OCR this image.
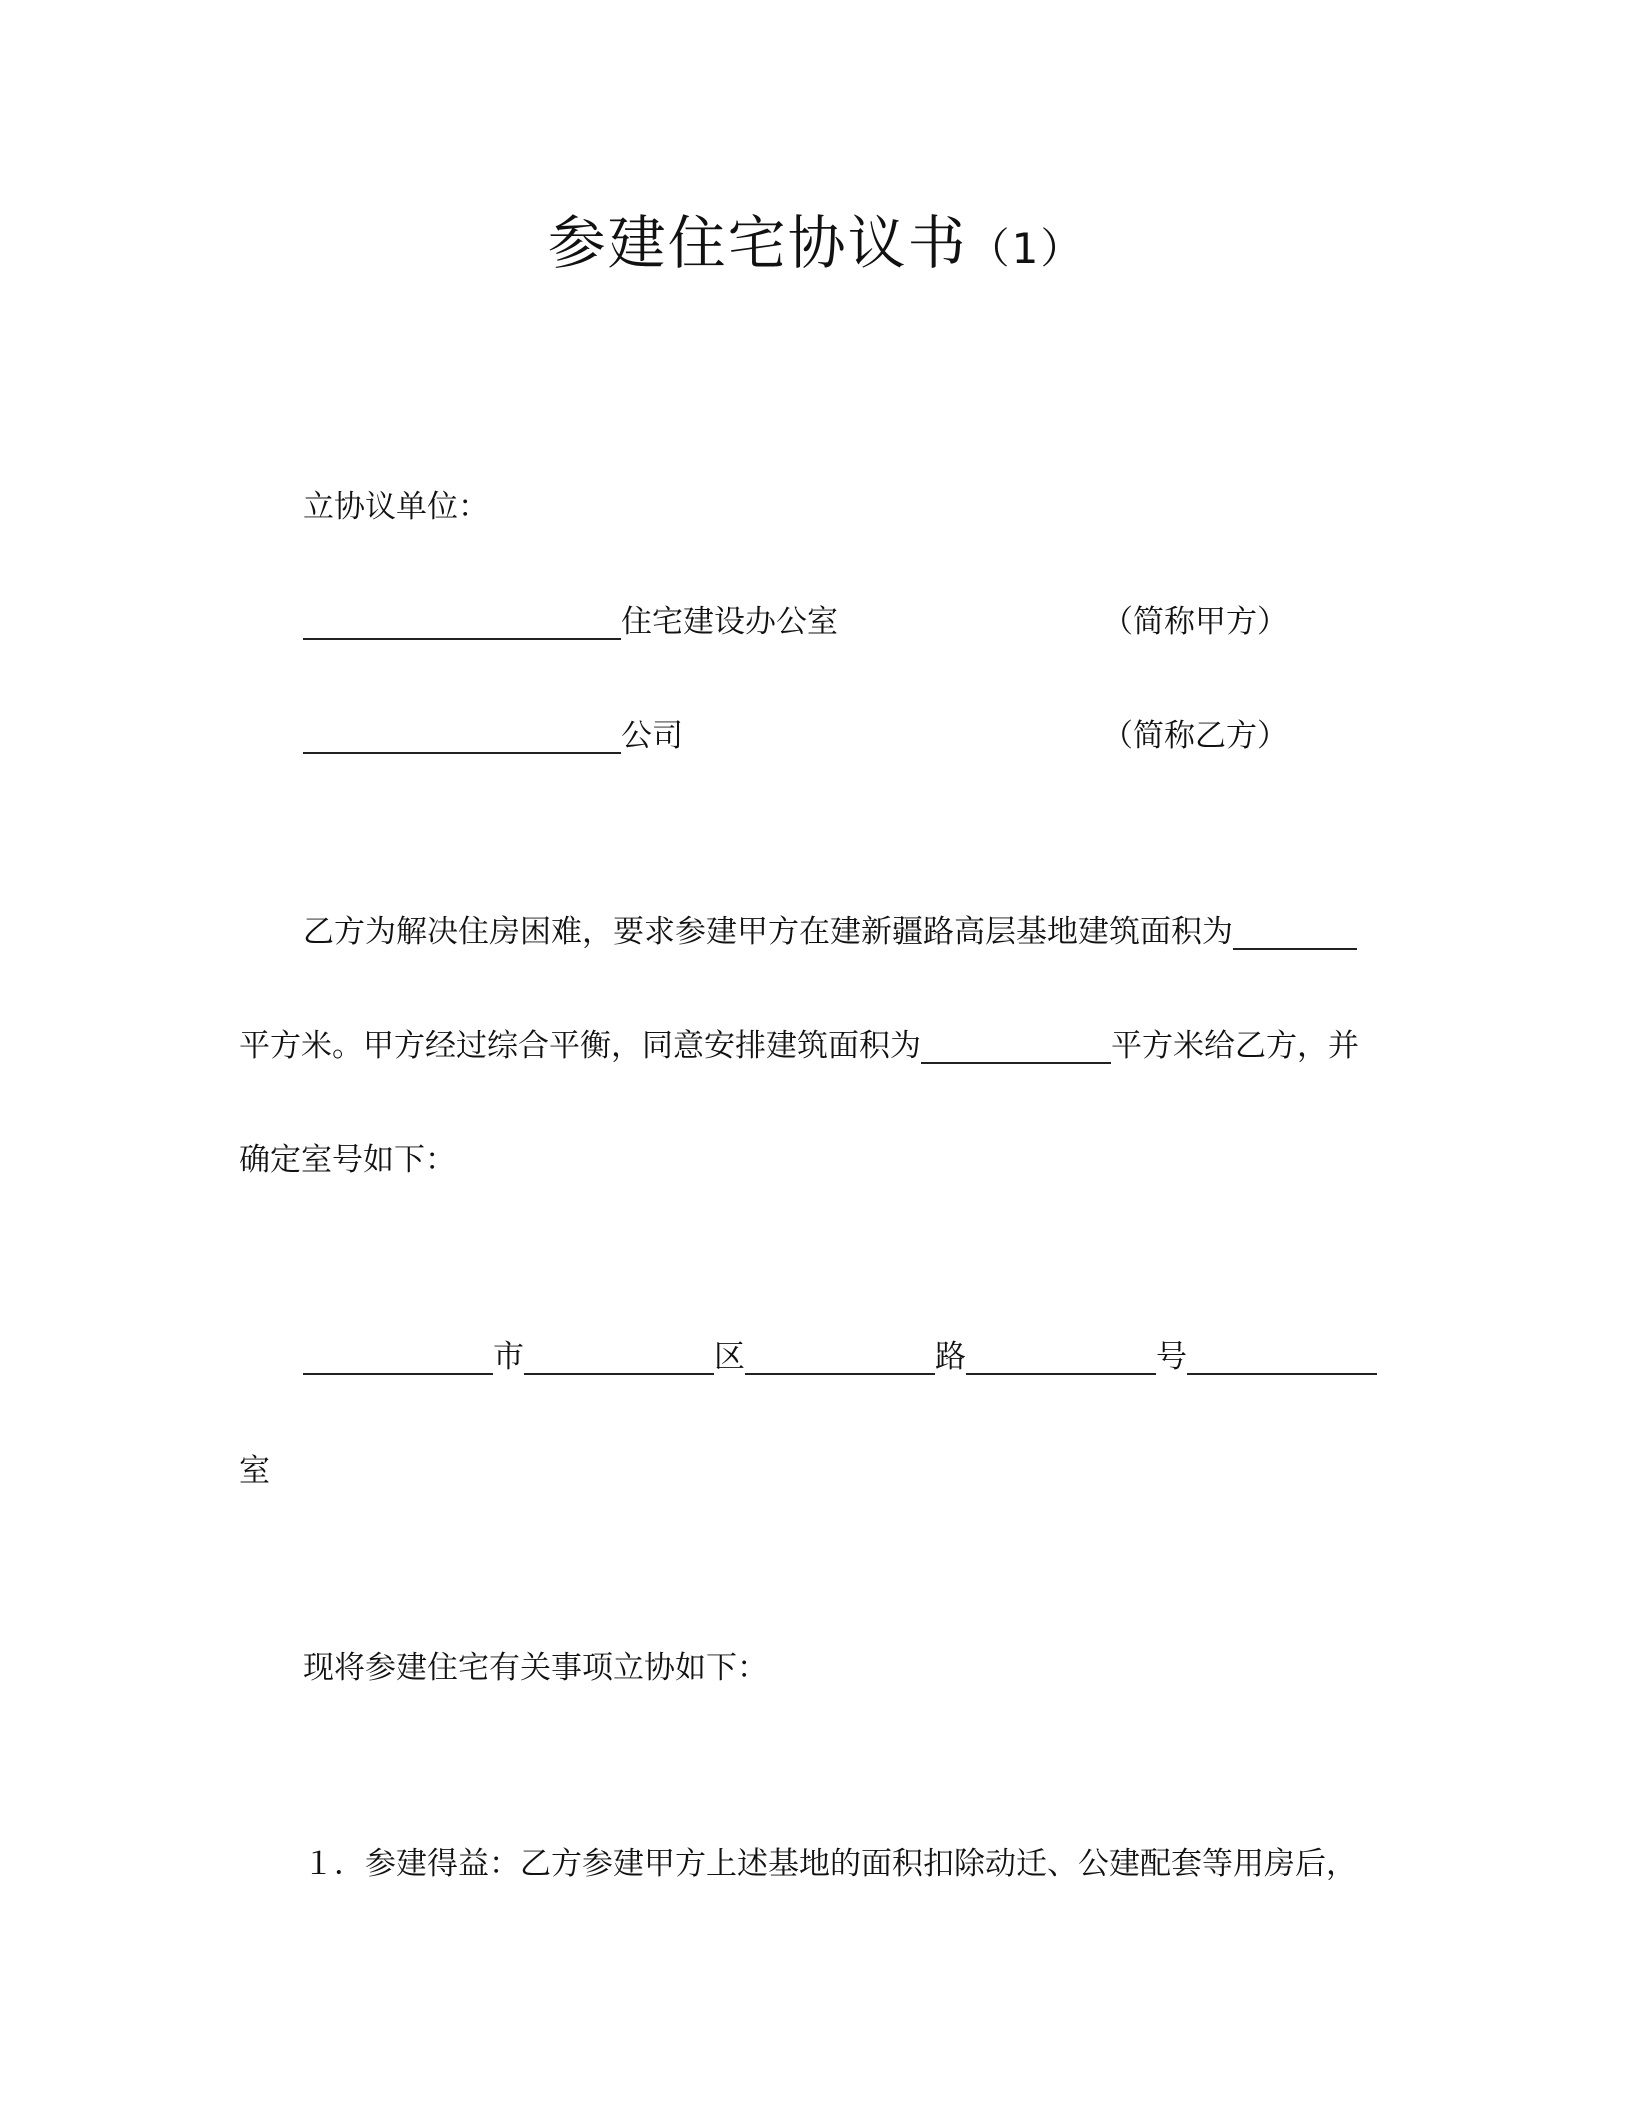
参建住宅协议书（1）
立协议单位：
住宅建设办公室	（简称甲方）
公司	（简称乙方）
乙方为解决住房困难，要求参建甲方在建新疆路高层基地建筑面积为
平方米。甲方经过综合平衡，同意安排建筑面积为	平方米给乙方，并
确定室号如下：
市	区	路	号
室
现将参建住宅有关事项立协如下：
１．参建得益：乙方参建甲方上述基地的面积扣除动迁、公建配套等用房后，
